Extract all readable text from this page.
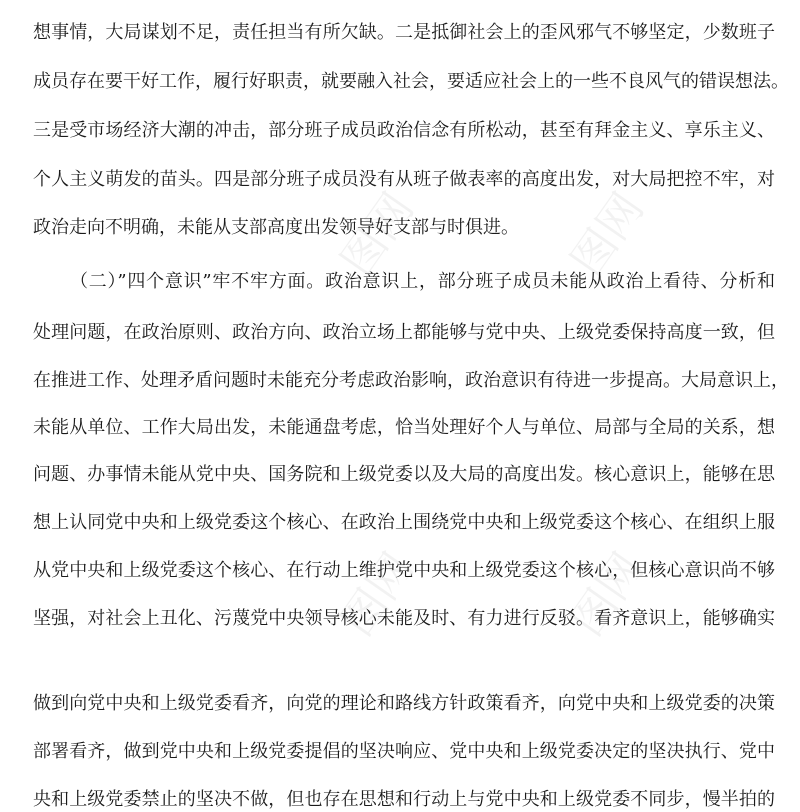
图网	图网
图网	图网
想事情，大局谋划不足，责任担当有所欠缺。二是抵御社会上的歪风邪气不够坚定，少数班子
成员存在要干好工作，履行好职责，就要融入社会，要适应社会上的一些不良风气的错误想法。
三是受市场经济大潮的冲击，部分班子成员政治信念有所松动，甚至有拜金主义、享乐主义、
个人主义萌发的苗头。四是部分班子成员没有从班子做表率的高度出发，对大局把控不牢，对
政治走向不明确，未能从支部高度出发领导好支部与时俱进。
（二）”四个意识”牢不牢方面。政治意识上，部分班子成员未能从政治上看待、分析和
处理问题，在政治原则、政治方向、政治立场上都能够与党中央、上级党委保持高度一致，但
在推进工作、处理矛盾问题时未能充分考虑政治影响，政治意识有待进一步提高。大局意识上，
未能从单位、工作大局出发，未能通盘考虑，恰当处理好个人与单位、局部与全局的关系，想
问题、办事情未能从党中央、国务院和上级党委以及大局的高度出发。核心意识上，能够在思
想上认同党中央和上级党委这个核心、在政治上围绕党中央和上级党委这个核心、在组织上服
从党中央和上级党委这个核心、在行动上维护党中央和上级党委这个核心，但核心意识尚不够
坚强，对社会上丑化、污蔑党中央领导核心未能及时、有力进行反驳。看齐意识上，能够确实
做到向党中央和上级党委看齐，向党的理论和路线方针政策看齐，向党中央和上级党委的决策
部署看齐，做到党中央和上级党委提倡的坚决响应、党中央和上级党委决定的坚决执行、党中
央和上级党委禁止的坚决不做，但也存在思想和行动上与党中央和上级党委不同步，慢半拍的
